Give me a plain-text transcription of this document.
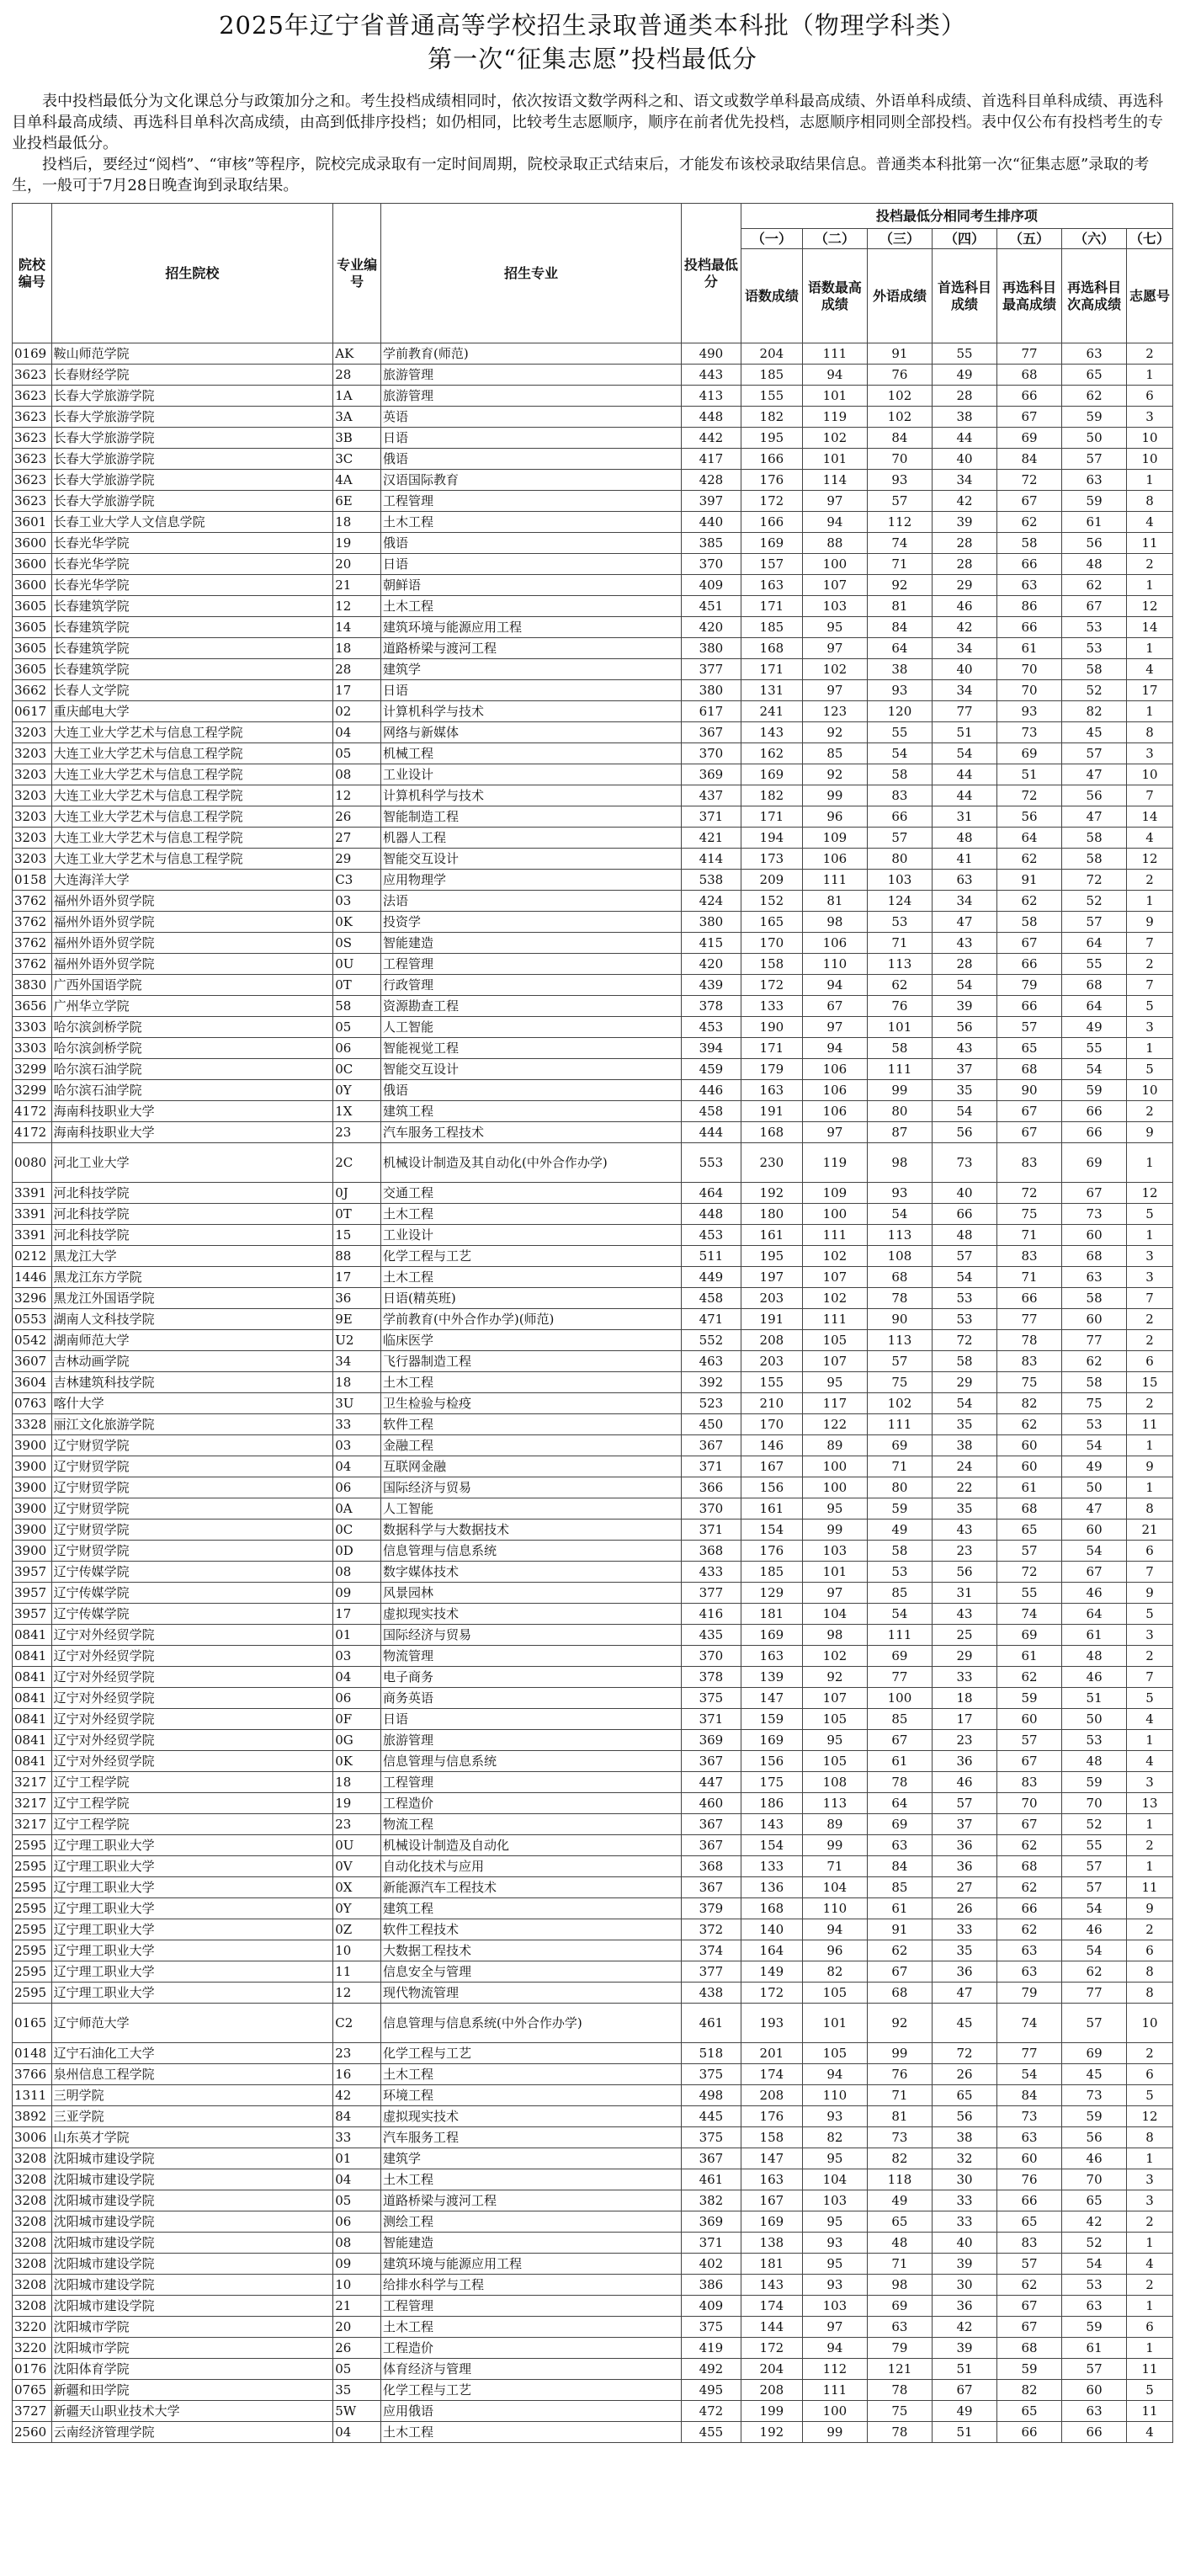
2025年辽宁省普通高等学校招生录取普通类本科批（物理学科类）
第一次“征集志愿”投档最低分

表中投档最低分为文化课总分与政策加分之和。考生投档成绩相同时，依次按语文数学两科之和、语文或数学单科最高成绩、外语单科成绩、首选科目单科成绩、再选科目单科最高成绩、再选科目单科次高成绩，由高到低排序投档；如仍相同，比较考生志愿顺序，顺序在前者优先投档，志愿顺序相同则全部投档。表中仅公布有投档考生的专业投档最低分。

投档后，要经过“阅档”、“审核”等程序，院校完成录取有一定时间周期，院校录取正式结束后，才能发布该校录取结果信息。普通类本科批第一次“征集志愿”录取的考生，一般可于7月28日晚查询到录取结果。

院校编号	招生院校	专业编号	招生专业	投档最低分	投档最低分相同考生排序项						
					（一）	（二）	（三）	（四）	（五）	（六）	（七）
					语数成绩	语数最高成绩	外语成绩	首选科目成绩	再选科目最高成绩	再选科目次高成绩	志愿号
0169	鞍山师范学院	AK	学前教育(师范)	490	204	111	91	55	77	63	2
3623	长春财经学院	28	旅游管理	443	185	94	76	49	68	65	1
3623	长春大学旅游学院	1A	旅游管理	413	155	101	102	28	66	62	6
3623	长春大学旅游学院	3A	英语	448	182	119	102	38	67	59	3
3623	长春大学旅游学院	3B	日语	442	195	102	84	44	69	50	10
3623	长春大学旅游学院	3C	俄语	417	166	101	70	40	84	57	10
3623	长春大学旅游学院	4A	汉语国际教育	428	176	114	93	34	72	63	1
3623	长春大学旅游学院	6E	工程管理	397	172	97	57	42	67	59	8
3601	长春工业大学人文信息学院	18	土木工程	440	166	94	112	39	62	61	4
3600	长春光华学院	19	俄语	385	169	88	74	28	58	56	11
3600	长春光华学院	20	日语	370	157	100	71	28	66	48	2
3600	长春光华学院	21	朝鲜语	409	163	107	92	29	63	62	1
3605	长春建筑学院	12	土木工程	451	171	103	81	46	86	67	12
3605	长春建筑学院	14	建筑环境与能源应用工程	420	185	95	84	42	66	53	14
3605	长春建筑学院	18	道路桥梁与渡河工程	380	168	97	64	34	61	53	1
3605	长春建筑学院	28	建筑学	377	171	102	38	40	70	58	4
3662	长春人文学院	17	日语	380	131	97	93	34	70	52	17
0617	重庆邮电大学	02	计算机科学与技术	617	241	123	120	77	93	82	1
3203	大连工业大学艺术与信息工程学院	04	网络与新媒体	367	143	92	55	51	73	45	8
3203	大连工业大学艺术与信息工程学院	05	机械工程	370	162	85	54	54	69	57	3
3203	大连工业大学艺术与信息工程学院	08	工业设计	369	169	92	58	44	51	47	10
3203	大连工业大学艺术与信息工程学院	12	计算机科学与技术	437	182	99	83	44	72	56	7
3203	大连工业大学艺术与信息工程学院	26	智能制造工程	371	171	96	66	31	56	47	14
3203	大连工业大学艺术与信息工程学院	27	机器人工程	421	194	109	57	48	64	58	4
3203	大连工业大学艺术与信息工程学院	29	智能交互设计	414	173	106	80	41	62	58	12
0158	大连海洋大学	C3	应用物理学	538	209	111	103	63	91	72	2
3762	福州外语外贸学院	03	法语	424	152	81	124	34	62	52	1
3762	福州外语外贸学院	0K	投资学	380	165	98	53	47	58	57	9
3762	福州外语外贸学院	0S	智能建造	415	170	106	71	43	67	64	7
3762	福州外语外贸学院	0U	工程管理	420	158	110	113	28	66	55	2
3830	广西外国语学院	0T	行政管理	439	172	94	62	54	79	68	7
3656	广州华立学院	58	资源勘查工程	378	133	67	76	39	66	64	5
3303	哈尔滨剑桥学院	05	人工智能	453	190	97	101	56	57	49	3
3303	哈尔滨剑桥学院	06	智能视觉工程	394	171	94	58	43	65	55	1
3299	哈尔滨石油学院	0C	智能交互设计	459	179	106	111	37	68	54	5
3299	哈尔滨石油学院	0Y	俄语	446	163	106	99	35	90	59	10
4172	海南科技职业大学	1X	建筑工程	458	191	106	80	54	67	66	2
4172	海南科技职业大学	23	汽车服务工程技术	444	168	97	87	56	67	66	9
0080	河北工业大学	2C	机械设计制造及其自动化(中外合作办学)	553	230	119	98	73	83	69	1
3391	河北科技学院	0J	交通工程	464	192	109	93	40	72	67	12
3391	河北科技学院	0T	土木工程	448	180	100	54	66	75	73	5
3391	河北科技学院	15	工业设计	453	161	111	113	48	71	60	1
0212	黑龙江大学	88	化学工程与工艺	511	195	102	108	57	83	68	3
1446	黑龙江东方学院	17	土木工程	449	197	107	68	54	71	63	3
3296	黑龙江外国语学院	36	日语(精英班)	458	203	102	78	53	66	58	7
0553	湖南人文科技学院	9E	学前教育(中外合作办学)(师范)	471	191	111	90	53	77	60	2
0542	湖南师范大学	U2	临床医学	552	208	105	113	72	78	77	2
3607	吉林动画学院	34	飞行器制造工程	463	203	107	57	58	83	62	6
3604	吉林建筑科技学院	18	土木工程	392	155	95	75	29	75	58	15
0763	喀什大学	3U	卫生检验与检疫	523	210	117	102	54	82	75	2
3328	丽江文化旅游学院	33	软件工程	450	170	122	111	35	62	53	11
3900	辽宁财贸学院	03	金融工程	367	146	89	69	38	60	54	1
3900	辽宁财贸学院	04	互联网金融	371	167	100	71	24	60	49	9
3900	辽宁财贸学院	06	国际经济与贸易	366	156	100	80	22	61	50	1
3900	辽宁财贸学院	0A	人工智能	370	161	95	59	35	68	47	8
3900	辽宁财贸学院	0C	数据科学与大数据技术	371	154	99	49	43	65	60	21
3900	辽宁财贸学院	0D	信息管理与信息系统	368	176	103	58	23	57	54	6
3957	辽宁传媒学院	08	数字媒体技术	433	185	101	53	56	72	67	7
3957	辽宁传媒学院	09	风景园林	377	129	97	85	31	55	46	9
3957	辽宁传媒学院	17	虚拟现实技术	416	181	104	54	43	74	64	5
0841	辽宁对外经贸学院	01	国际经济与贸易	435	169	98	111	25	69	61	3
0841	辽宁对外经贸学院	03	物流管理	370	163	102	69	29	61	48	2
0841	辽宁对外经贸学院	04	电子商务	378	139	92	77	33	62	46	7
0841	辽宁对外经贸学院	06	商务英语	375	147	107	100	18	59	51	5
0841	辽宁对外经贸学院	0F	日语	371	159	105	85	17	60	50	4
0841	辽宁对外经贸学院	0G	旅游管理	369	169	95	67	23	57	53	1
0841	辽宁对外经贸学院	0K	信息管理与信息系统	367	156	105	61	36	67	48	4
3217	辽宁工程学院	18	工程管理	447	175	108	78	46	83	59	3
3217	辽宁工程学院	19	工程造价	460	186	113	64	57	70	70	13
3217	辽宁工程学院	23	物流工程	367	143	89	69	37	67	52	1
2595	辽宁理工职业大学	0U	机械设计制造及自动化	367	154	99	63	36	62	55	2
2595	辽宁理工职业大学	0V	自动化技术与应用	368	133	71	84	36	68	57	1
2595	辽宁理工职业大学	0X	新能源汽车工程技术	367	136	104	85	27	62	57	11
2595	辽宁理工职业大学	0Y	建筑工程	379	168	110	61	26	66	54	9
2595	辽宁理工职业大学	0Z	软件工程技术	372	140	94	91	33	62	46	2
2595	辽宁理工职业大学	10	大数据工程技术	374	164	96	62	35	63	54	6
2595	辽宁理工职业大学	11	信息安全与管理	377	149	82	67	36	63	62	8
2595	辽宁理工职业大学	12	现代物流管理	438	172	105	68	47	79	77	8
0165	辽宁师范大学	C2	信息管理与信息系统(中外合作办学)	461	193	101	92	45	74	57	10
0148	辽宁石油化工大学	23	化学工程与工艺	518	201	105	99	72	77	69	2
3766	泉州信息工程学院	16	土木工程	375	174	94	76	26	54	45	6
1311	三明学院	42	环境工程	498	208	110	71	65	84	73	5
3892	三亚学院	84	虚拟现实技术	445	176	93	81	56	73	59	12
3006	山东英才学院	33	汽车服务工程	375	158	82	73	38	63	56	8
3208	沈阳城市建设学院	01	建筑学	367	147	95	82	32	60	46	1
3208	沈阳城市建设学院	04	土木工程	461	163	104	118	30	76	70	3
3208	沈阳城市建设学院	05	道路桥梁与渡河工程	382	167	103	49	33	66	65	3
3208	沈阳城市建设学院	06	测绘工程	369	169	95	65	33	65	42	2
3208	沈阳城市建设学院	08	智能建造	371	138	93	48	40	83	52	1
3208	沈阳城市建设学院	09	建筑环境与能源应用工程	402	181	95	71	39	57	54	4
3208	沈阳城市建设学院	10	给排水科学与工程	386	143	93	98	30	62	53	2
3208	沈阳城市建设学院	21	工程管理	409	174	103	69	36	67	63	1
3220	沈阳城市学院	20	土木工程	375	144	97	63	42	67	59	6
3220	沈阳城市学院	26	工程造价	419	172	94	79	39	68	61	1
0176	沈阳体育学院	05	体育经济与管理	492	204	112	121	51	59	57	11
0765	新疆和田学院	35	化学工程与工艺	495	208	111	78	67	82	60	5
3727	新疆天山职业技术大学	5W	应用俄语	472	199	100	75	49	65	63	11
2560	云南经济管理学院	04	土木工程	455	192	99	78	51	66	66	4
